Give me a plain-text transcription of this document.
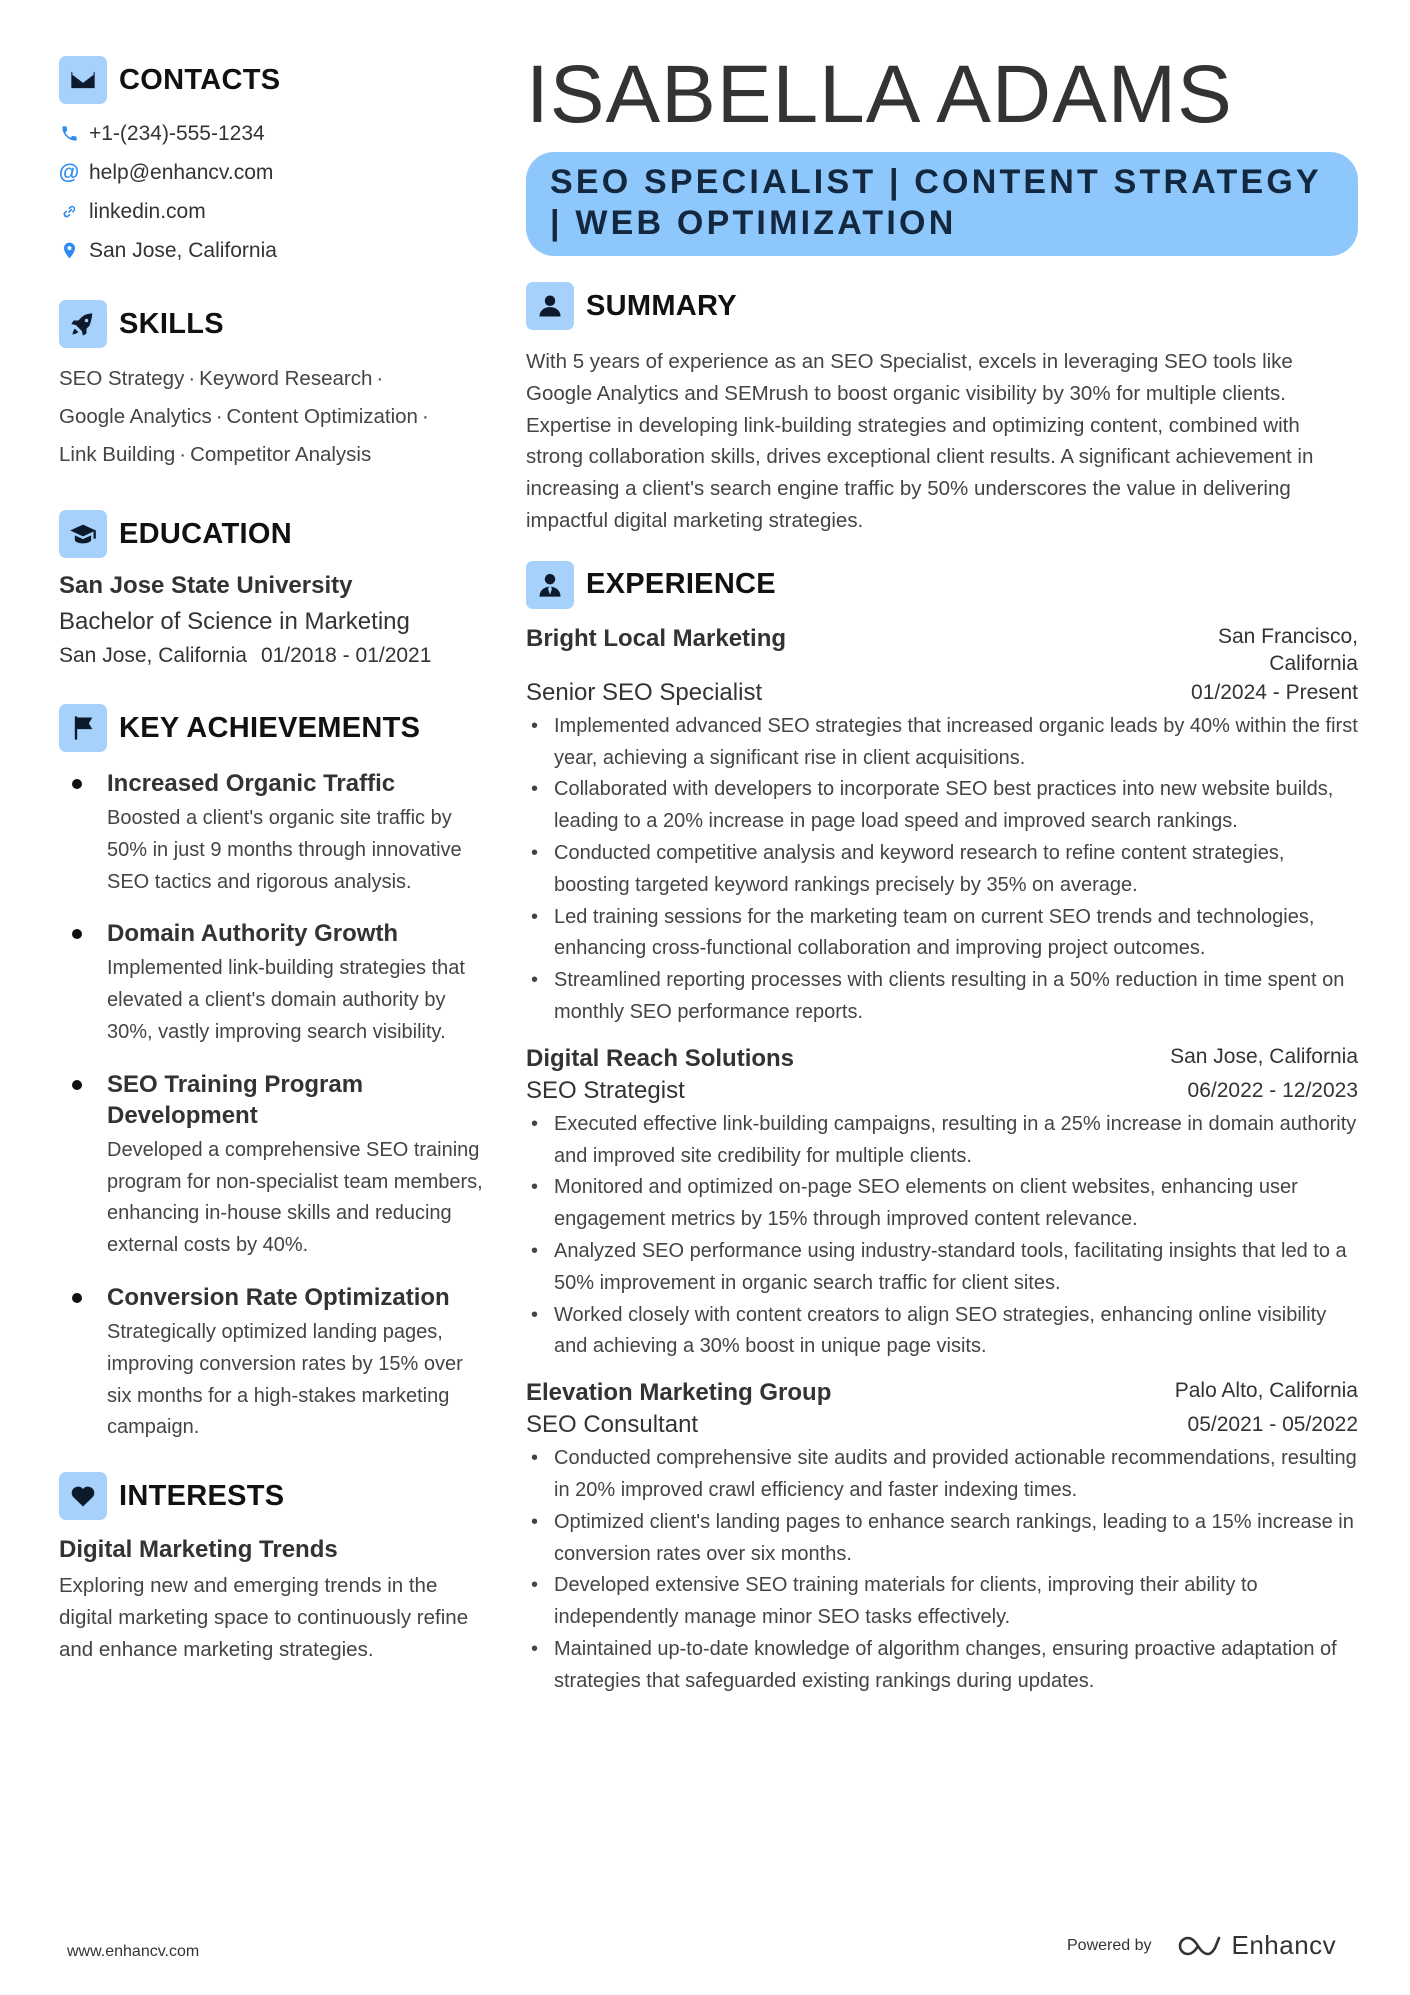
CONTACTS
+1-(234)-555-1234
@ help@enhancv.com
linkedin.com
San Jose, California
SKILLS
SEO Strategy · Keyword Research ·
Google Analytics · Content Optimization ·
Link Building · Competitor Analysis
EDUCATION
San Jose State University
Bachelor of Science in Marketing
San Jose, California 01/2018 - 01/2021
KEY ACHIEVEMENTS
Increased Organic Traffic
Boosted a client's organic site traffic by 50% in just 9 months through innovative SEO tactics and rigorous analysis.
Domain Authority Growth
Implemented link-building strategies that elevated a client's domain authority by 30%, vastly improving search visibility.
SEO Training Program Development
Developed a comprehensive SEO training program for non-specialist team members, enhancing in-house skills and reducing external costs by 40%.
Conversion Rate Optimization
Strategically optimized landing pages, improving conversion rates by 15% over six months for a high-stakes marketing campaign.
INTERESTS
Digital Marketing Trends
Exploring new and emerging trends in the digital marketing space to continuously refine and enhance marketing strategies.
ISABELLA ADAMS
SEO SPECIALIST | CONTENT STRATEGY | WEB OPTIMIZATION
SUMMARY
With 5 years of experience as an SEO Specialist, excels in leveraging SEO tools like Google Analytics and SEMrush to boost organic visibility by 30% for multiple clients. Expertise in developing link-building strategies and optimizing content, combined with strong collaboration skills, drives exceptional client results. A significant achievement in increasing a client's search engine traffic by 50% underscores the value in delivering impactful digital marketing strategies.
EXPERIENCE
Bright Local Marketing	San Francisco,
California
Senior SEO Specialist	01/2024 - Present
• Implemented advanced SEO strategies that increased organic leads by 40% within the first year, achieving a significant rise in client acquisitions.
• Collaborated with developers to incorporate SEO best practices into new website builds, leading to a 20% increase in page load speed and improved search rankings.
• Conducted competitive analysis and keyword research to refine content strategies, boosting targeted keyword rankings precisely by 35% on average.
• Led training sessions for the marketing team on current SEO trends and technologies, enhancing cross-functional collaboration and improving project outcomes.
• Streamlined reporting processes with clients resulting in a 50% reduction in time spent on monthly SEO performance reports.
Digital Reach Solutions	San Jose, California
SEO Strategist	06/2022 - 12/2023
• Executed effective link-building campaigns, resulting in a 25% increase in domain authority and improved site credibility for multiple clients.
• Monitored and optimized on-page SEO elements on client websites, enhancing user engagement metrics by 15% through improved content relevance.
• Analyzed SEO performance using industry-standard tools, facilitating insights that led to a 50% improvement in organic search traffic for client sites.
• Worked closely with content creators to align SEO strategies, enhancing online visibility and achieving a 30% boost in unique page visits.
Elevation Marketing Group	Palo Alto, California
SEO Consultant	05/2021 - 05/2022
• Conducted comprehensive site audits and provided actionable recommendations, resulting in 20% improved crawl efficiency and faster indexing times.
• Optimized client's landing pages to enhance search rankings, leading to a 15% increase in conversion rates over six months.
• Developed extensive SEO training materials for clients, improving their ability to independently manage minor SEO tasks effectively.
• Maintained up-to-date knowledge of algorithm changes, ensuring proactive adaptation of strategies that safeguarded existing rankings during updates.
www.enhancv.com	Powered by	Enhancv
